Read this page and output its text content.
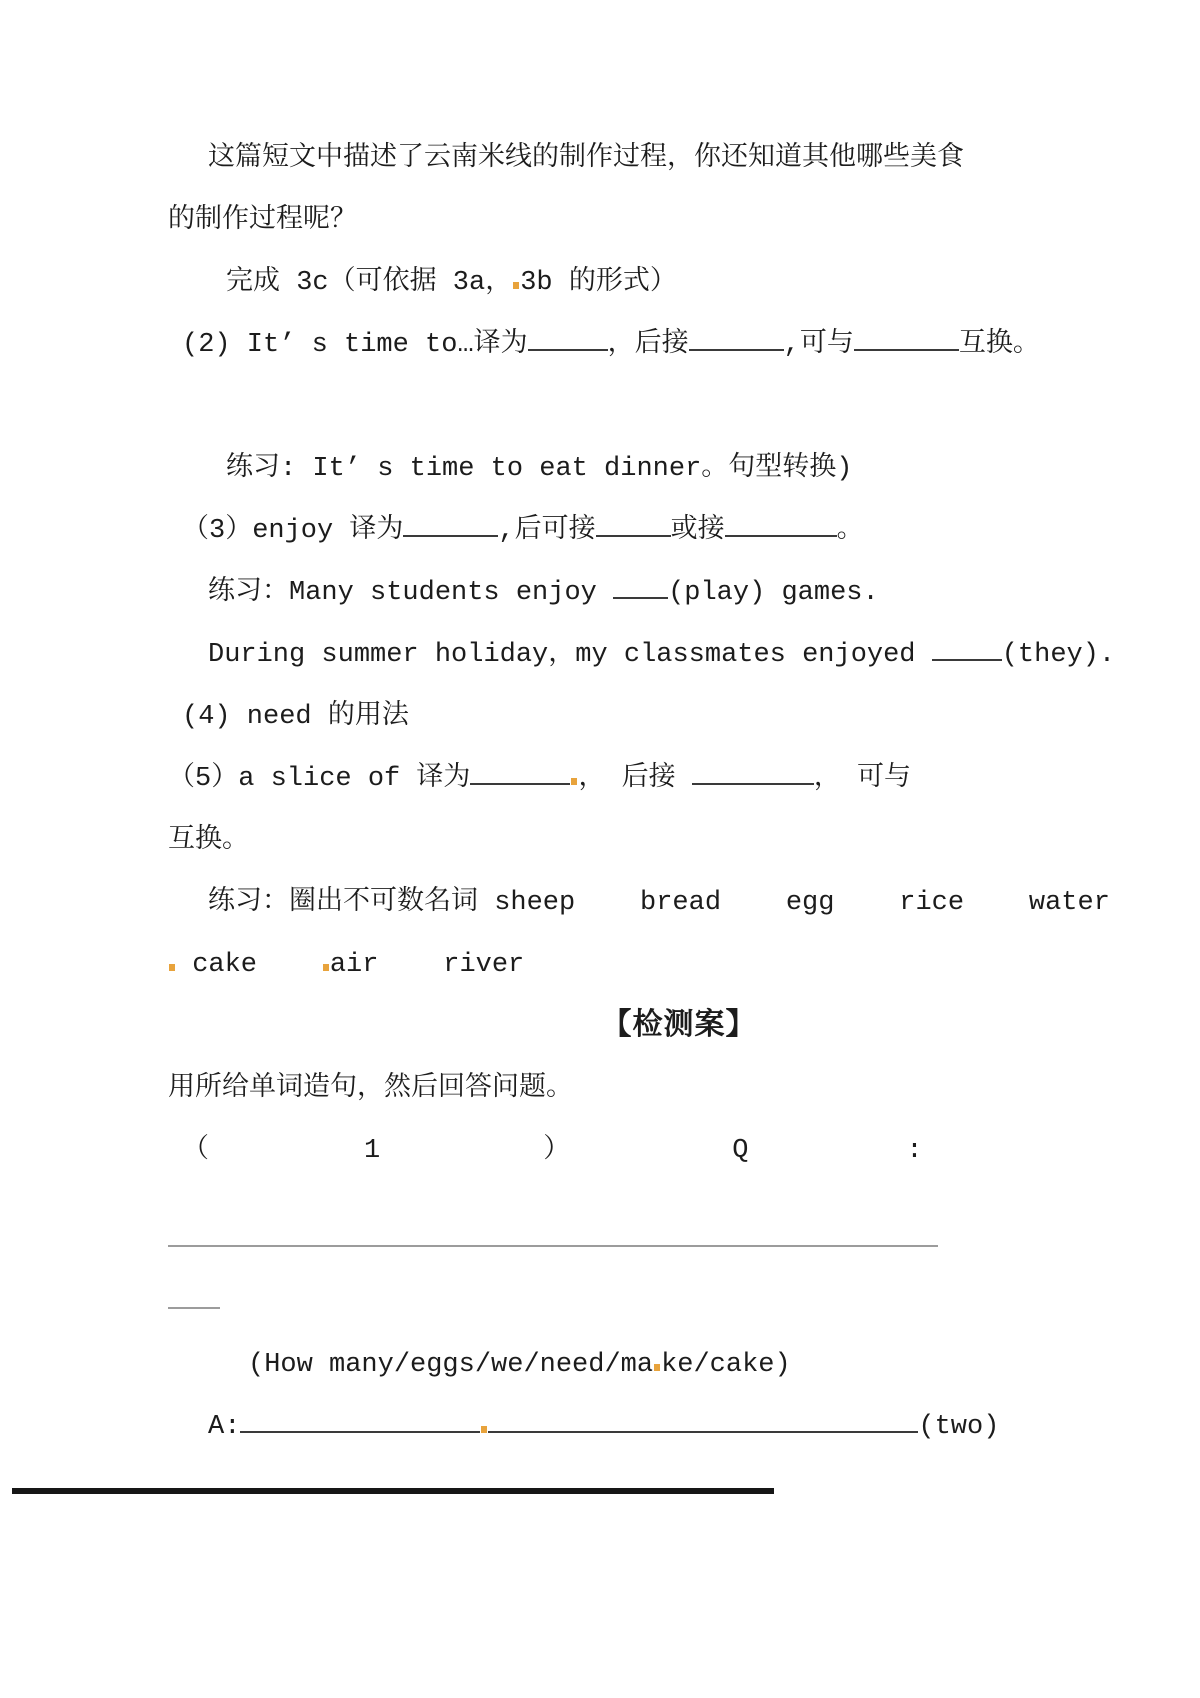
这篇短文中描述了云南米线的制作过程，你还知道其他哪些美食
的制作过程呢？
完成 3c（可依据 3a， 3b 的形式）
(2) It’ s time to…译为	，后接	,可与	互换。
练习: It’ s time to eat dinner。句型转换)
（3）enjoy 译为	,后可接	或接	。
练习：Many students enjoy (play) games.
During summer holiday，my classmates enjoyed	(they).
(4) need 的用法
（5）a slice of 译为	， 后接	， 可与
互换。
练习：圈出不可数名词 sheep    bread    egg    rice    water
cake    air    river
【检测案】
用所给单词造句，然后回答问题。
（	1	）	Q	:
(How many/eggs/we/need/ma ke/cake)
A:	(two)
